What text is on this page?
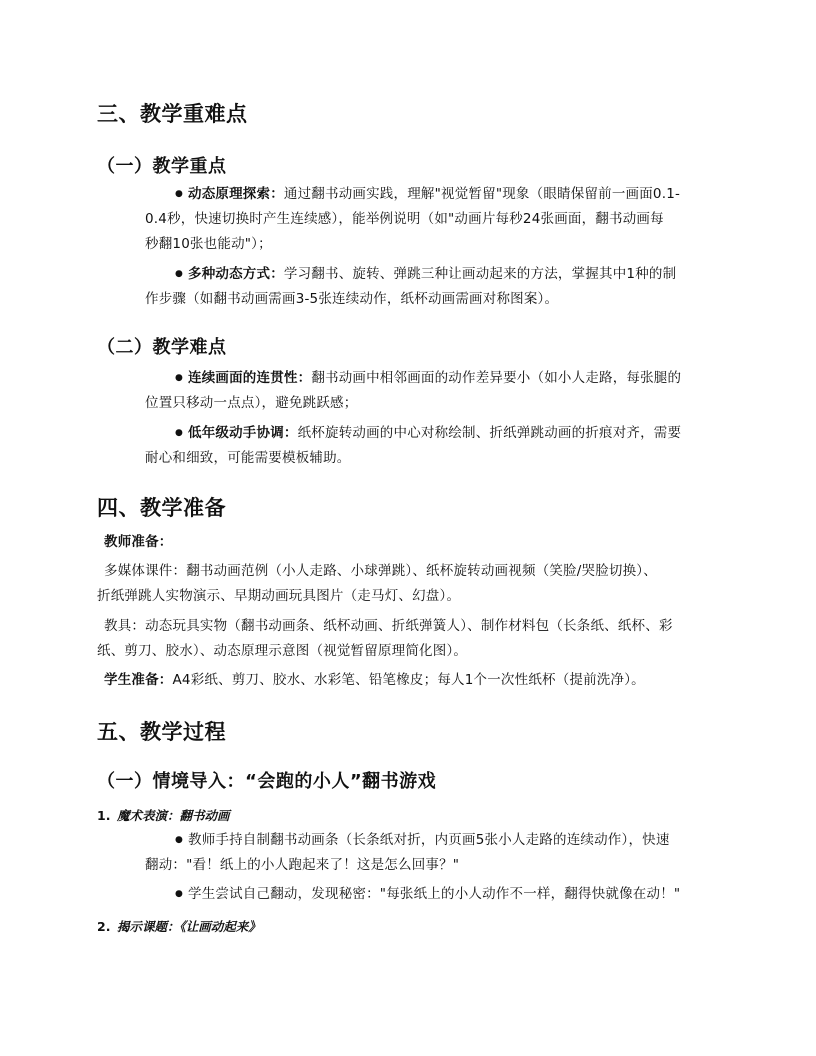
三、教学重难点
（一）教学重点
● 动态原理探索：通过翻书动画实践，理解"视觉暂留"现象（眼睛保留前一画面0.1-
0.4秒，快速切换时产生连续感），能举例说明（如"动画片每秒24张画面，翻书动画每
秒翻10张也能动"）；
● 多种动态方式：学习翻书、旋转、弹跳三种让画动起来的方法，掌握其中1种的制
作步骤（如翻书动画需画3-5张连续动作，纸杯动画需画对称图案）。
（二）教学难点
● 连续画面的连贯性：翻书动画中相邻画面的动作差异要小（如小人走路，每张腿的
位置只移动一点点），避免跳跃感；
● 低年级动手协调：纸杯旋转动画的中心对称绘制、折纸弹跳动画的折痕对齐，需要
耐心和细致，可能需要模板辅助。
四、教学准备
教师准备：
多媒体课件：翻书动画范例（小人走路、小球弹跳）、纸杯旋转动画视频（笑脸/哭脸切换）、
折纸弹跳人实物演示、早期动画玩具图片（走马灯、幻盘）。
教具：动态玩具实物（翻书动画条、纸杯动画、折纸弹簧人）、制作材料包（长条纸、纸杯、彩
纸、剪刀、胶水）、动态原理示意图（视觉暂留原理简化图）。
学生准备：A4彩纸、剪刀、胶水、水彩笔、铅笔橡皮；每人1个一次性纸杯（提前洗净）。
五、教学过程
（一）情境导入：“会跑的小人”翻书游戏
1. 魔术表演：翻书动画
● 教师手持自制翻书动画条（长条纸对折，内页画5张小人走路的连续动作），快速
翻动："看！纸上的小人跑起来了！这是怎么回事？"
● 学生尝试自己翻动，发现秘密："每张纸上的小人动作不一样，翻得快就像在动！"
2. 揭示课题：《让画动起来》
